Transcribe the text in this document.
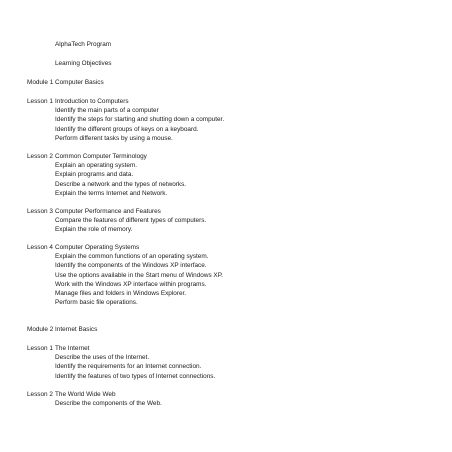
AlphaTech Program
Learning Objectives
Module 1 Computer Basics
Lesson 1 Introduction to Computers
Identify the main parts of a computer
Identify the steps for starting and shutting down a computer.
Identify the different groups of keys on a keyboard.
Perform different tasks by using a mouse.
Lesson 2 Common Computer Terminology
Explain an operating system.
Explain programs and data.
Describe a network and the types of networks.
Explain the terms Internet and Network.
Lesson 3 Computer Performance and Features
Compare the features of different types of computers.
Explain the role of memory.
Lesson 4 Computer Operating Systems
Explain the common functions of an operating system.
Identify the components of the Windows XP interface.
Use the options available in the Start menu of Windows XP.
Work with the Windows XP interface within programs.
Manage files and folders in Windows Explorer.
Perform basic file operations.
Module 2 Internet Basics
Lesson 1 The Internet
Describe the uses of the Internet.
Identify the requirements for an Internet connection.
Identify the features of two types of Internet connections.
Lesson 2 The World Wide Web
Describe the components of the Web.
